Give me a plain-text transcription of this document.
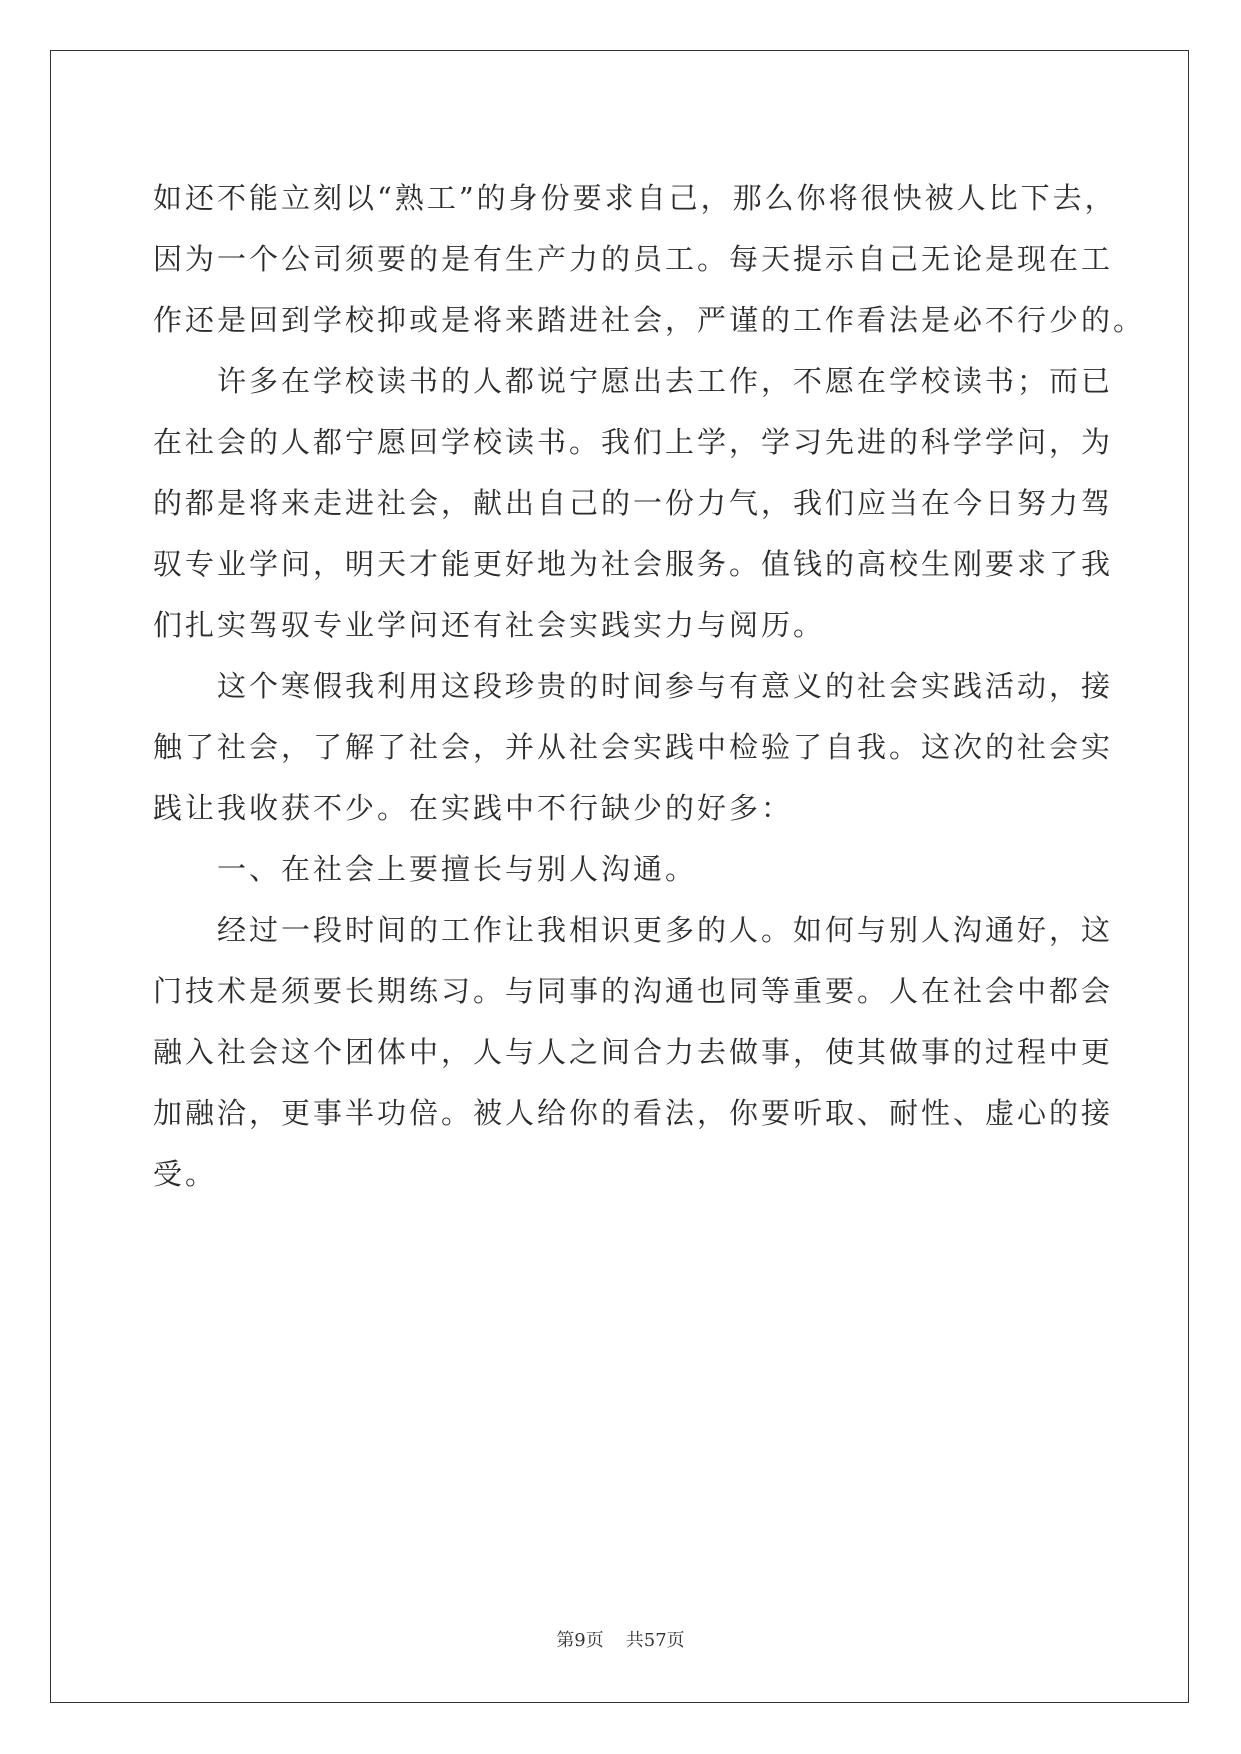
如还不能立刻以“熟工”的身份要求自己，那么你将很快被人比下去，
因为一个公司须要的是有生产力的员工。每天提示自己无论是现在工
作还是回到学校抑或是将来踏进社会，严谨的工作看法是必不行少的。
许多在学校读书的人都说宁愿出去工作，不愿在学校读书；而已
在社会的人都宁愿回学校读书。我们上学，学习先进的科学学问，为
的都是将来走进社会，献出自己的一份力气，我们应当在今日努力驾
驭专业学问，明天才能更好地为社会服务。值钱的高校生刚要求了我
们扎实驾驭专业学问还有社会实践实力与阅历。
这个寒假我利用这段珍贵的时间参与有意义的社会实践活动，接
触了社会，了解了社会，并从社会实践中检验了自我。这次的社会实
践让我收获不少。在实践中不行缺少的好多：
一、在社会上要擅长与别人沟通。
经过一段时间的工作让我相识更多的人。如何与别人沟通好，这
门技术是须要长期练习。与同事的沟通也同等重要。人在社会中都会
融入社会这个团体中，人与人之间合力去做事，使其做事的过程中更
加融洽，更事半功倍。被人给你的看法，你要听取、耐性、虚心的接
受。
第9页 共57页
